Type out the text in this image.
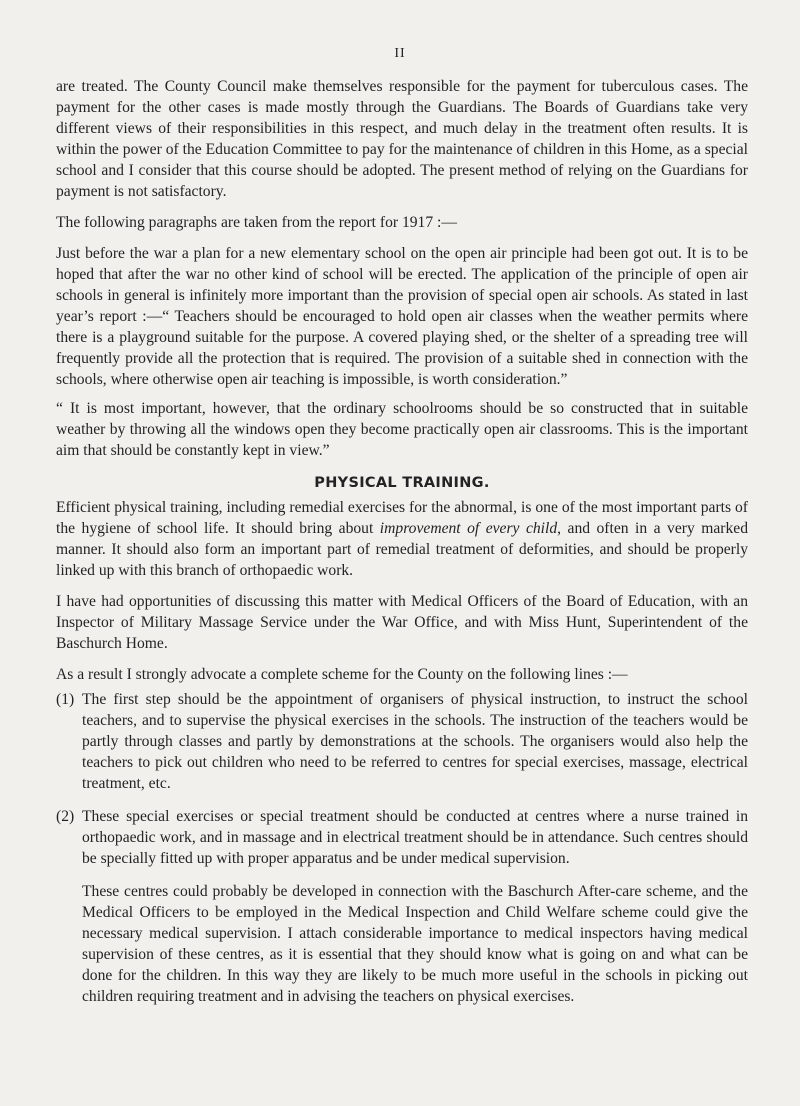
II

are treated. The County Council make themselves responsible for the payment for tuberculous cases. The payment for the other cases is made mostly through the Guardians. The Boards of Guardians take very different views of their responsibilities in this respect, and much delay in the treatment often results. It is within the power of the Education Committee to pay for the maintenance of children in this Home, as a special school and I consider that this course should be adopted. The present method of relying on the Guardians for payment is not satisfactory.

The following paragraphs are taken from the report for 1917 :—

Just before the war a plan for a new elementary school on the open air principle had been got out. It is to be hoped that after the war no other kind of school will be erected. The application of the principle of open air schools in general is infinitely more important than the provision of special open air schools. As stated in last year’s report :—“ Teachers should be encouraged to hold open air classes when the weather permits where there is a playground suitable for the purpose. A covered playing shed, or the shelter of a spreading tree will frequently provide all the protection that is required. The provision of a suitable shed in connection with the schools, where otherwise open air teaching is impossible, is worth consideration.”

“ It is most important, however, that the ordinary schoolrooms should be so constructed that in suitable weather by throwing all the windows open they become practically open air classrooms. This is the important aim that should be constantly kept in view.”

PHYSICAL TRAINING.

Efficient physical training, including remedial exercises for the abnormal, is one of the most important parts of the hygiene of school life. It should bring about improvement of every child, and often in a very marked manner. It should also form an important part of remedial treatment of deformities, and should be properly linked up with this branch of orthopaedic work.

I have had opportunities of discussing this matter with Medical Officers of the Board of Education, with an Inspector of Military Massage Service under the War Office, and with Miss Hunt, Superintendent of the Baschurch Home.

As a result I strongly advocate a complete scheme for the County on the following lines :—

(1) The first step should be the appointment of organisers of physical instruction, to instruct the school teachers, and to supervise the physical exercises in the schools. The instruction of the teachers would be partly through classes and partly by demonstrations at the schools. The organisers would also help the teachers to pick out children who need to be referred to centres for special exercises, massage, electrical treatment, etc.

(2) These special exercises or special treatment should be conducted at centres where a nurse trained in orthopaedic work, and in massage and in electrical treatment should be in attendance. Such centres should be specially fitted up with proper apparatus and be under medical supervision.

These centres could probably be developed in connection with the Baschurch After-care scheme, and the Medical Officers to be employed in the Medical Inspection and Child Welfare scheme could give the necessary medical supervision. I attach considerable importance to medical inspectors having medical supervision of these centres, as it is essential that they should know what is going on and what can be done for the children. In this way they are likely to be much more useful in the schools in picking out children requiring treatment and in advising the teachers on physical exercises.
